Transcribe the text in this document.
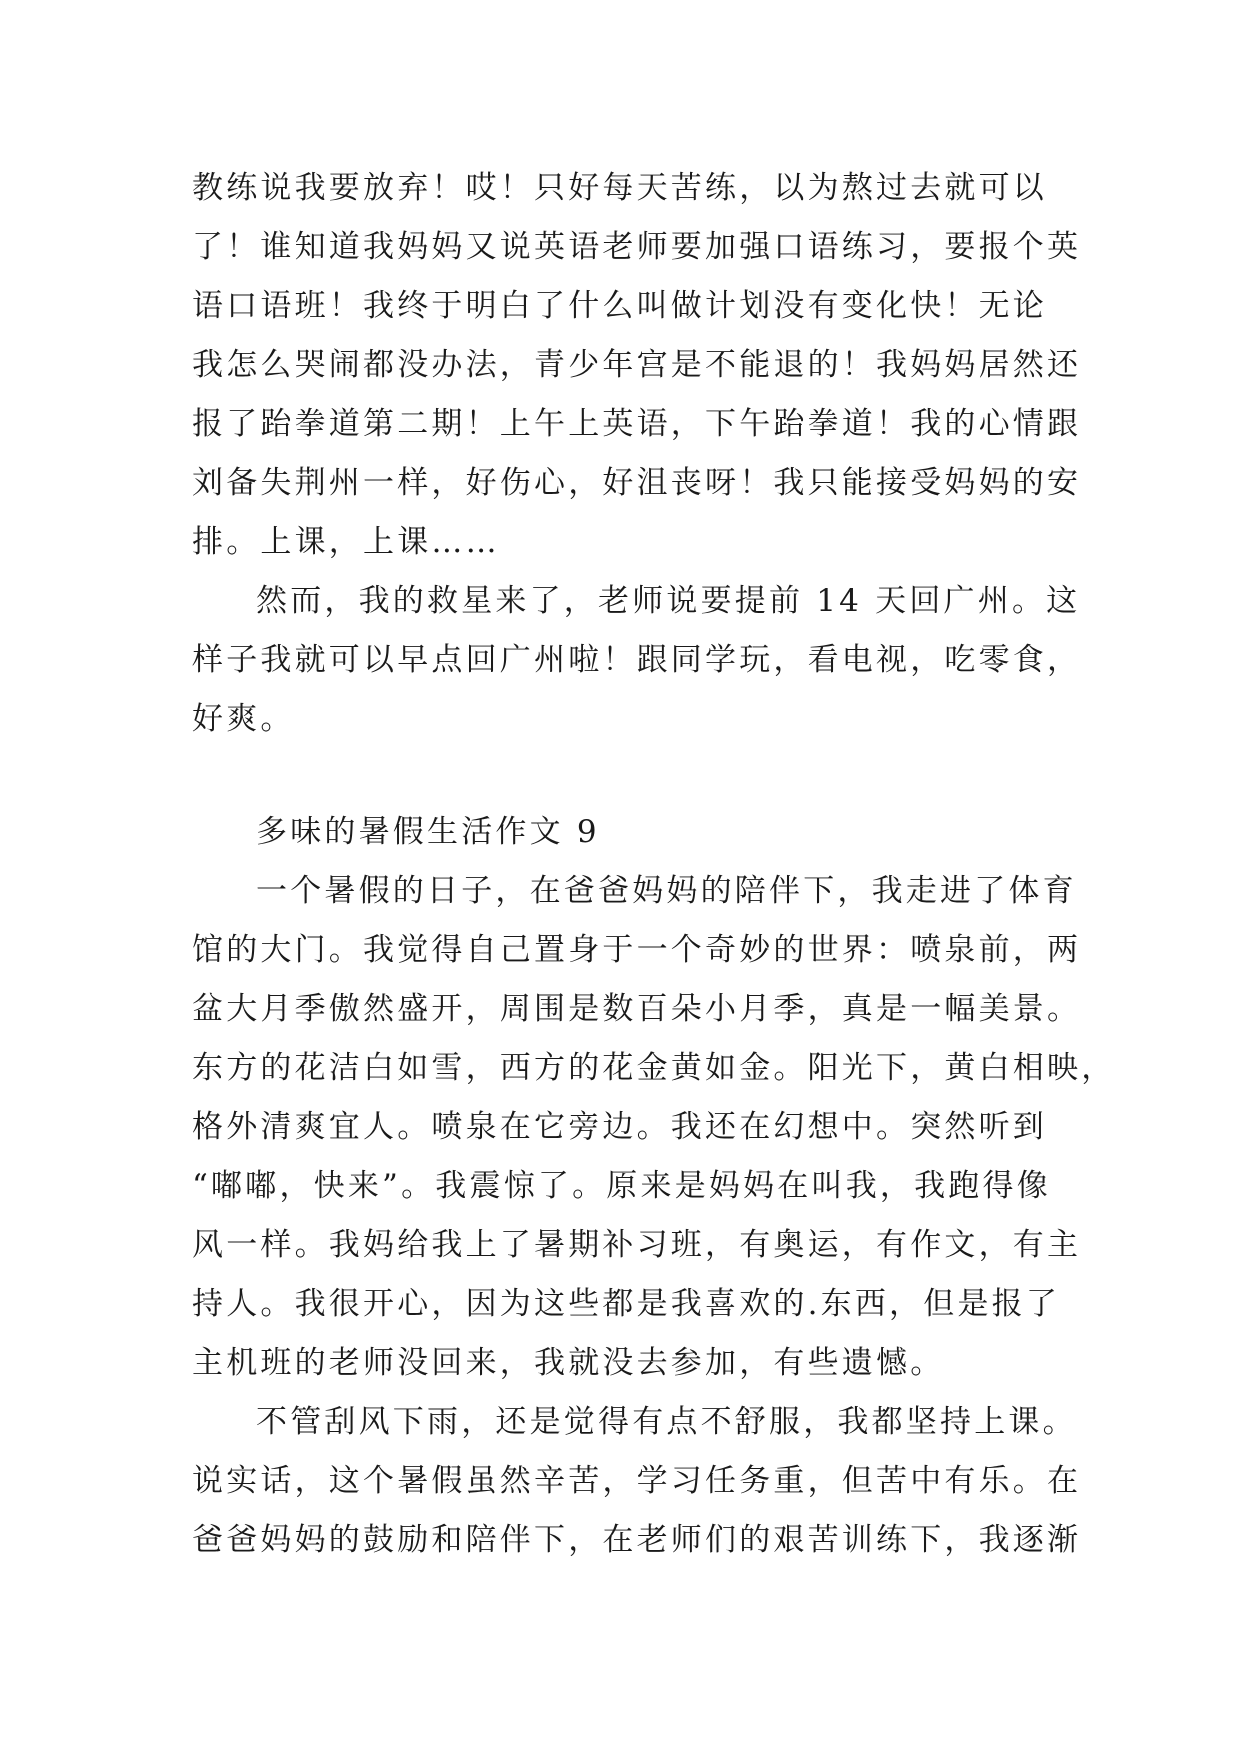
教练说我要放弃！哎！只好每天苦练，以为熬过去就可以
了！谁知道我妈妈又说英语老师要加强口语练习，要报个英
语口语班！我终于明白了什么叫做计划没有变化快！无论
我怎么哭闹都没办法，青少年宫是不能退的！我妈妈居然还
报了跆拳道第二期！上午上英语，下午跆拳道！我的心情跟
刘备失荆州一样，好伤心，好沮丧呀！我只能接受妈妈的安
排。上课，上课……
然而，我的救星来了，老师说要提前 14 天回广州。这
样子我就可以早点回广州啦！跟同学玩，看电视，吃零食，
好爽。
多味的暑假生活作文 9
一个暑假的日子，在爸爸妈妈的陪伴下，我走进了体育
馆的大门。我觉得自己置身于一个奇妙的世界：喷泉前，两
盆大月季傲然盛开，周围是数百朵小月季，真是一幅美景。
东方的花洁白如雪，西方的花金黄如金。阳光下，黄白相映，
格外清爽宜人。喷泉在它旁边。我还在幻想中。突然听到
“嘟嘟，快来”。我震惊了。原来是妈妈在叫我，我跑得像
风一样。我妈给我上了暑期补习班，有奥运，有作文，有主
持人。我很开心，因为这些都是我喜欢的.东西，但是报了
主机班的老师没回来，我就没去参加，有些遗憾。
不管刮风下雨，还是觉得有点不舒服，我都坚持上课。
说实话，这个暑假虽然辛苦，学习任务重，但苦中有乐。在
爸爸妈妈的鼓励和陪伴下，在老师们的艰苦训练下，我逐渐
